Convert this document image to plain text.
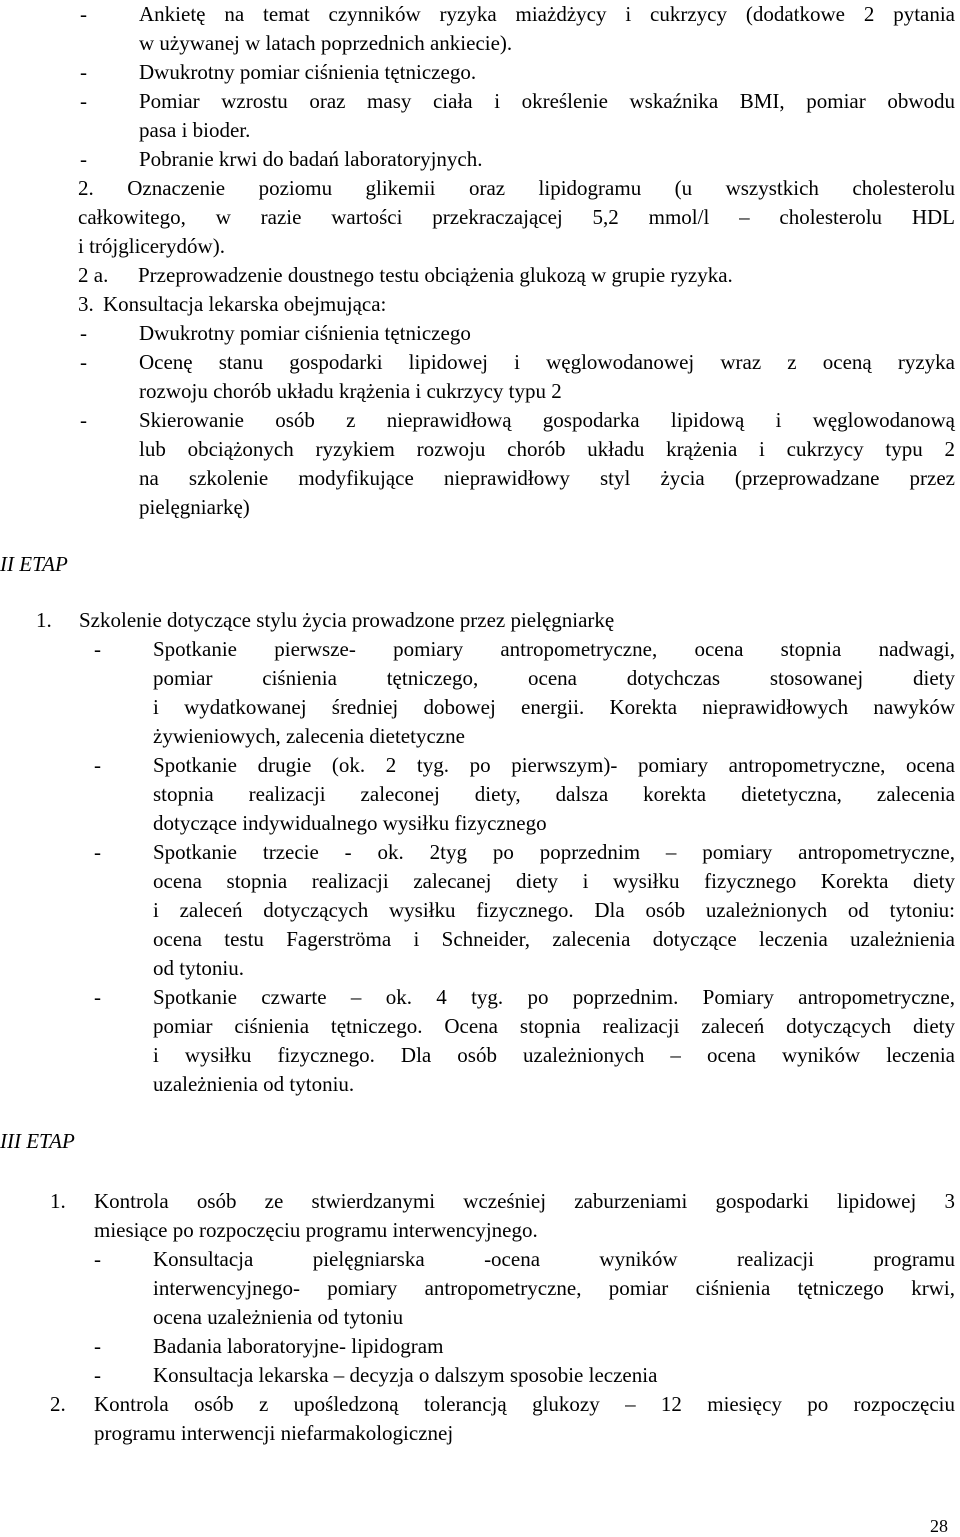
- Ankietę na temat czynników ryzyka miażdżycy i cukrzycy (dodatkowe 2 pytania
w używanej w latach poprzednich ankiecie).
- Dwukrotny pomiar ciśnienia tętniczego.
- Pomiar wzrostu oraz masy ciała i określenie wskaźnika BMI, pomiar obwodu
pasa i bioder.
- Pobranie krwi do badań laboratoryjnych.
2. Oznaczenie poziomu glikemii oraz lipidogramu (u wszystkich cholesterolu
całkowitego, w razie wartości przekraczającej 5,2 mmol/l – cholesterolu HDL
i trójglicerydów).
2 a. Przeprowadzenie doustnego testu obciążenia glukozą w grupie ryzyka.
3. Konsultacja lekarska obejmująca:
- Dwukrotny pomiar ciśnienia tętniczego
- Ocenę stanu gospodarki lipidowej i węglowodanowej wraz z oceną ryzyka
rozwoju chorób układu krążenia i cukrzycy typu 2
- Skierowanie osób z nieprawidłową gospodarka lipidową i węglowodanową
lub obciążonych ryzykiem rozwoju chorób układu krążenia i cukrzycy typu 2
na szkolenie modyfikujące nieprawidłowy styl życia (przeprowadzane przez
pielęgniarkę)
II ETAP
1. Szkolenie dotyczące stylu życia prowadzone przez pielęgniarkę
- Spotkanie pierwsze- pomiary antropometryczne, ocena stopnia nadwagi,
pomiar ciśnienia tętniczego, ocena dotychczas stosowanej diety
i wydatkowanej średniej dobowej energii. Korekta nieprawidłowych nawyków
żywieniowych, zalecenia dietetyczne
- Spotkanie drugie (ok. 2 tyg. po pierwszym)- pomiary antropometryczne, ocena
stopnia realizacji zaleconej diety, dalsza korekta dietetyczna, zalecenia
dotyczące indywidualnego wysiłku fizycznego
- Spotkanie trzecie - ok. 2tyg po poprzednim – pomiary antropometryczne,
ocena stopnia realizacji zalecanej diety i wysiłku fizycznego Korekta diety
i zaleceń dotyczących wysiłku fizycznego. Dla osób uzależnionych od tytoniu:
ocena testu Fagerströma i Schneider, zalecenia dotyczące leczenia uzależnienia
od tytoniu.
- Spotkanie czwarte – ok. 4 tyg. po poprzednim. Pomiary antropometryczne,
pomiar ciśnienia tętniczego. Ocena stopnia realizacji zaleceń dotyczących diety
i wysiłku fizycznego. Dla osób uzależnionych – ocena wyników leczenia
uzależnienia od tytoniu.
III ETAP
1. Kontrola osób ze stwierdzanymi wcześniej zaburzeniami gospodarki lipidowej 3
miesiące po rozpoczęciu programu interwencyjnego.
- Konsultacja pielęgniarska -ocena wyników realizacji programu
interwencyjnego- pomiary antropometryczne, pomiar ciśnienia tętniczego krwi,
ocena uzależnienia od tytoniu
- Badania laboratoryjne- lipidogram
- Konsultacja lekarska – decyzja o dalszym sposobie leczenia
2. Kontrola osób z upośledzoną tolerancją glukozy – 12 miesięcy po rozpoczęciu
programu interwencji niefarmakologicznej
28
